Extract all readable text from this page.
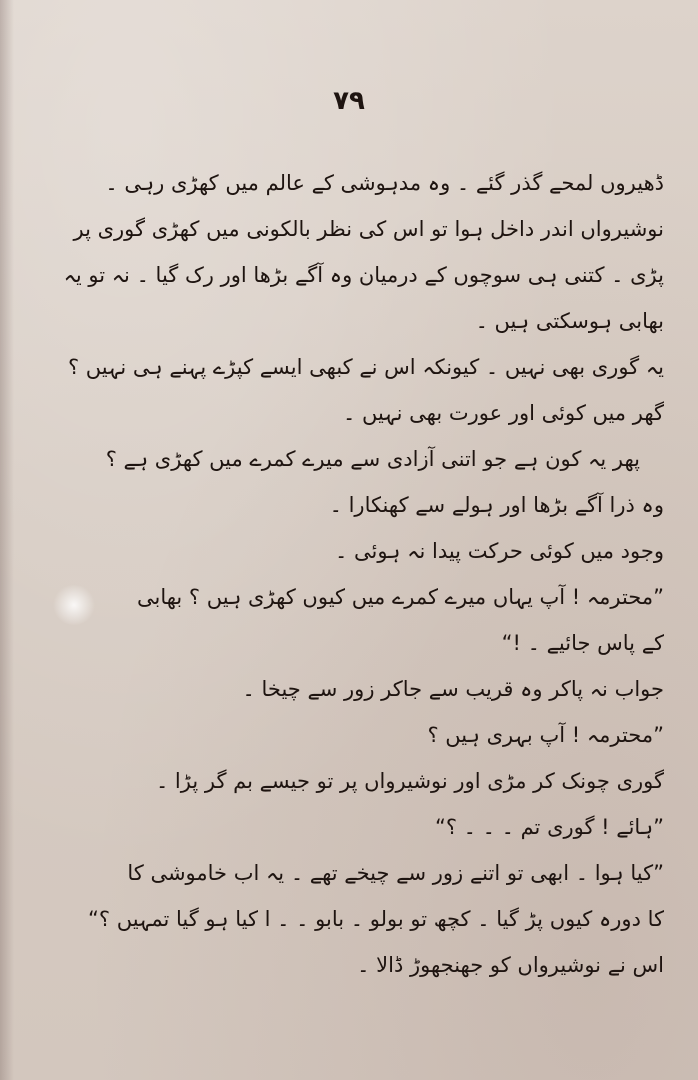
۷۹
ڈھیروں لمحے گذر گئے ۔ وہ مدہوشی کے عالم میں کھڑی رہی ۔
نوشیرواں اندر داخل ہوا تو اس کی نظر بالکونی میں کھڑی گوری پر
پڑی ۔ کتنی ہی سوچوں کے درمیان وہ آگے بڑھا اور رک گیا ۔ نہ تو یہ
بھابی ہوسکتی ہیں ۔
یہ گوری بھی نہیں ۔ کیونکہ اس نے کبھی ایسے کپڑے پہنے ہی نہیں ؟
گھر میں کوئی اور عورت بھی نہیں ۔
پھر یہ کون ہے جو اتنی آزادی سے میرے کمرے میں کھڑی ہے ؟
وہ ذرا آگے بڑھا اور ہولے سے کھنکارا ۔
وجود میں کوئی حرکت پیدا نہ ہوئی ۔
”محترمہ ! آپ یہاں میرے کمرے میں کیوں کھڑی ہیں ؟ بھابی
کے پاس جائیے ۔ !“
جواب نہ پاکر وہ قریب سے جاکر زور سے چیخا ۔
”محترمہ ! آپ بہری ہیں ؟
گوری چونک کر مڑی اور نوشیرواں پر تو جیسے بم گر پڑا ۔
”ہائے ! گوری تم ۔ ۔ ۔ ؟“
”کیا ہوا ۔ ابھی تو اتنے زور سے چیخے تھے ۔ یہ اب خاموشی کا
کا دورہ کیوں پڑ گیا ۔ کچھ تو بولو ۔ بابو ۔ ۔ ا کیا ہو گیا تمہیں ؟“
اس نے نوشیرواں کو جھنجھوڑ ڈالا ۔
